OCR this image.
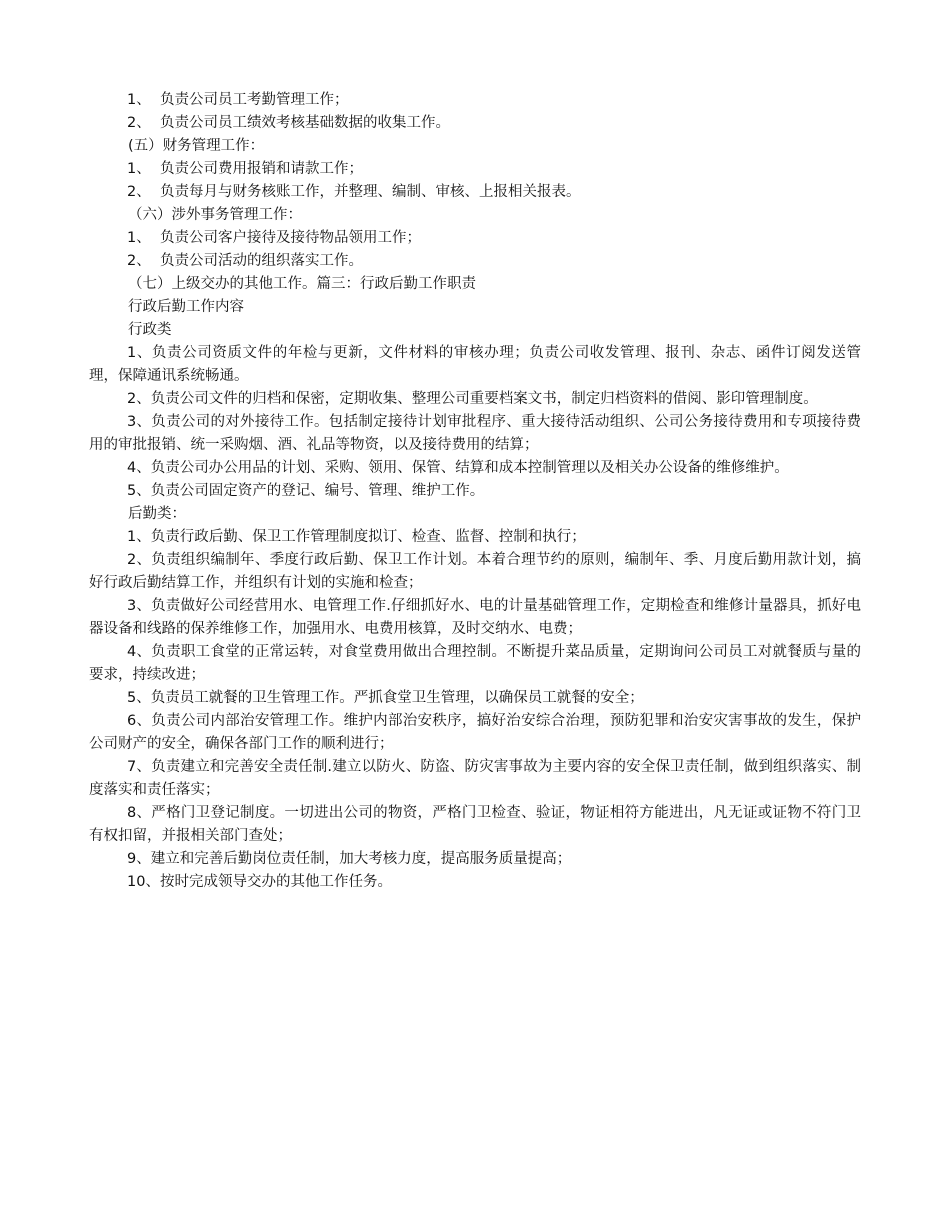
1、  负责公司员工考勤管理工作；
2、  负责公司员工绩效考核基础数据的收集工作。
(五）财务管理工作：
1、  负责公司费用报销和请款工作；
2、  负责每月与财务核账工作，并整理、编制、审核、上报相关报表。
（六）涉外事务管理工作：
1、  负责公司客户接待及接待物品领用工作；
2、  负责公司活动的组织落实工作。
（七）上级交办的其他工作。篇三：行政后勤工作职责
行政后勤工作内容
行政类
1、负责公司资质文件的年检与更新，文件材料的审核办理；负责公司收发管理、报刊、杂志、函件订阅发送管理，保障通讯系统畅通。
2、负责公司文件的归档和保密，定期收集、整理公司重要档案文书，制定归档资料的借阅、影印管理制度。
3、负责公司的对外接待工作。包括制定接待计划审批程序、重大接待活动组织、公司公务接待费用和专项接待费用的审批报销、统一采购烟、酒、礼品等物资，以及接待费用的结算；
4、负责公司办公用品的计划、采购、领用、保管、结算和成本控制管理以及相关办公设备的维修维护。
5、负责公司固定资产的登记、编号、管理、维护工作。
后勤类：
1、负责行政后勤、保卫工作管理制度拟订、检查、监督、控制和执行；
2、负责组织编制年、季度行政后勤、保卫工作计划。本着合理节约的原则，编制年、季、月度后勤用款计划，搞好行政后勤结算工作，并组织有计划的实施和检查；
3、负责做好公司经营用水、电管理工作.仔细抓好水、电的计量基础管理工作，定期检查和维修计量器具，抓好电器设备和线路的保养维修工作，加强用水、电费用核算，及时交纳水、电费；
4、负责职工食堂的正常运转，对食堂费用做出合理控制。不断提升菜品质量，定期询问公司员工对就餐质与量的要求，持续改进；
5、负责员工就餐的卫生管理工作。严抓食堂卫生管理，以确保员工就餐的安全；
6、负责公司内部治安管理工作。维护内部治安秩序，搞好治安综合治理，预防犯罪和治安灾害事故的发生，保护公司财产的安全，确保各部门工作的顺利进行；
7、负责建立和完善安全责任制.建立以防火、防盗、防灾害事故为主要内容的安全保卫责任制，做到组织落实、制度落实和责任落实；
8、严格门卫登记制度。一切进出公司的物资，严格门卫检查、验证，物证相符方能进出，凡无证或证物不符门卫有权扣留，并报相关部门查处；
9、建立和完善后勤岗位责任制，加大考核力度，提高服务质量提高；
10、按时完成领导交办的其他工作任务。
